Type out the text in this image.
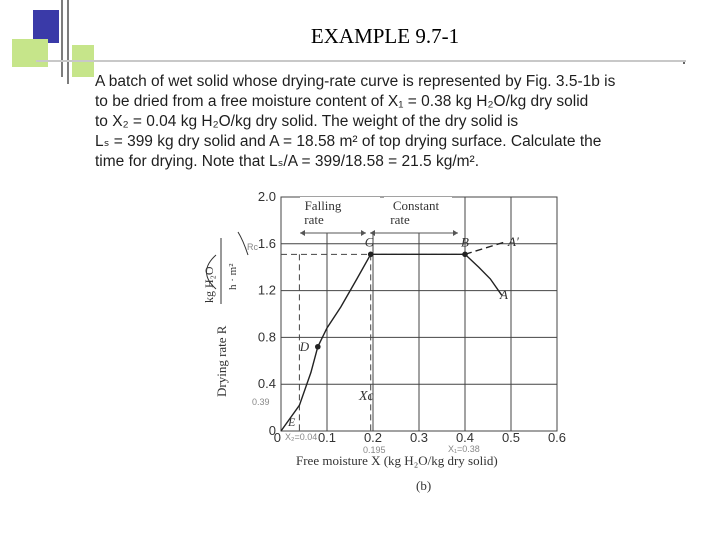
EXAMPLE 9.7-1
A batch of wet solid whose drying-rate curve is represented by Fig. 3.5-1b is
to be dried from a free moisture content of X₁ = 0.38 kg H₂O/kg dry solid
to X₂ = 0.04 kg H₂O/kg dry solid. The weight of the dry solid is
Lₛ = 399 kg dry solid and A = 18.58 m² of top drying surface. Calculate the
time for drying. Note that Lₛ/A = 399/18.58 = 21.5 kg/m².
C	B
D
0	0.1 0.2 0.3 0.4 0.5 0.6
0
0.4
0.8
1.2
1.6
2.0
Falling
rate
Constant
rate
A′
A
E
Xc
X₂=0.04
0.195	X₁=0.38
Rc
0.39
Drying rate R
kg H₂O h · m²
Free moisture X (kg H₂O/kg dry solid)
(b)
